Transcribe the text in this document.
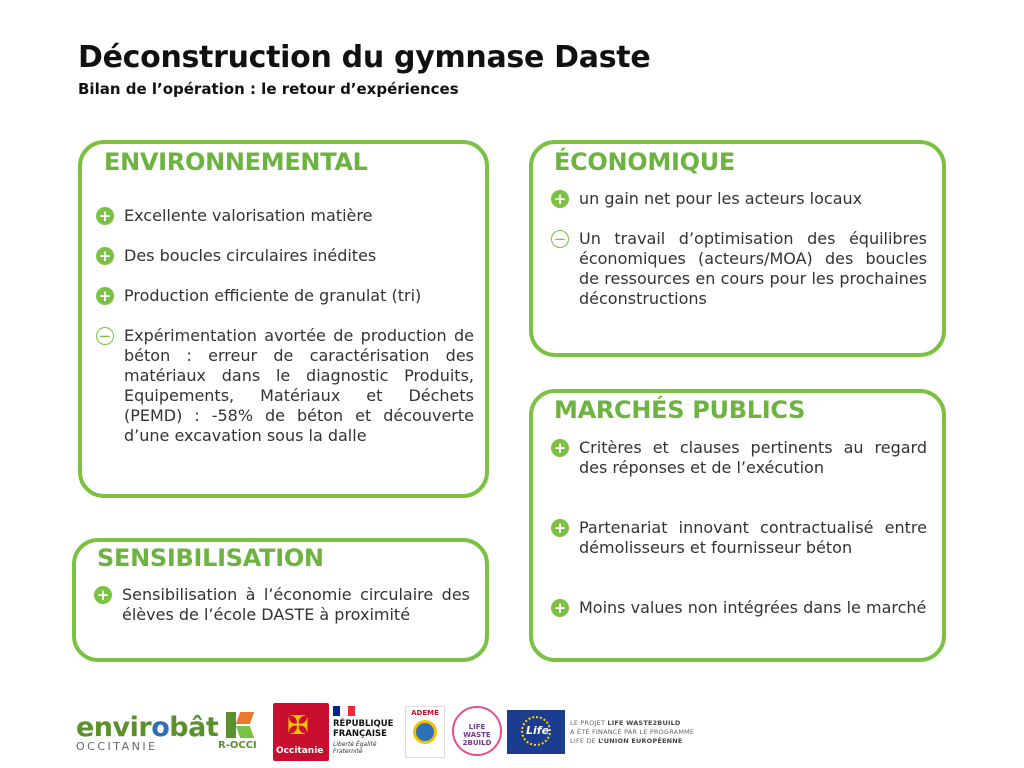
Déconstruction du gymnase Daste
Bilan de l’opération : le retour d’expériences
ENVIRONNEMENTAL
+ Excellente valorisation matière
+ Des boucles circulaires inédites
+ Production efficiente de granulat (tri)
− Expérimentation avortée de production de béton : erreur de caractérisation des matériaux dans le diagnostic Produits, Equipements, Matériaux et Déchets (PEMD) : -58% de béton et découverte d’une excavation sous la dalle
ÉCONOMIQUE
+ un gain net pour les acteurs locaux
− Un travail d’optimisation des équilibres économiques (acteurs/MOA) des boucles de ressources en cours pour les prochaines déconstructions
SENSIBILISATION
+ Sensibilisation à l’économie circulaire des élèves de l’école DASTE à proximité
MARCHÉS PUBLICS
+ Critères et clauses pertinents au regard des réponses et de l’exécution
+ Partenariat innovant contractualisé entre démolisseurs et fournisseur béton
+ Moins values non intégrées dans le marché
envirobât
OCCITANIE	R-OCCI
✠
Occitanie
RÉPUBLIQUE
FRANÇAISE
Liberté Égalité Fraternité
ADEME
LIFE WASTE 2BUILD
Life
LE PROJET LIFE WASTE2BUILD
A ÉTÉ FINANCÉ PAR LE PROGRAMME
LIFE DE L’UNION EUROPÉENNE
